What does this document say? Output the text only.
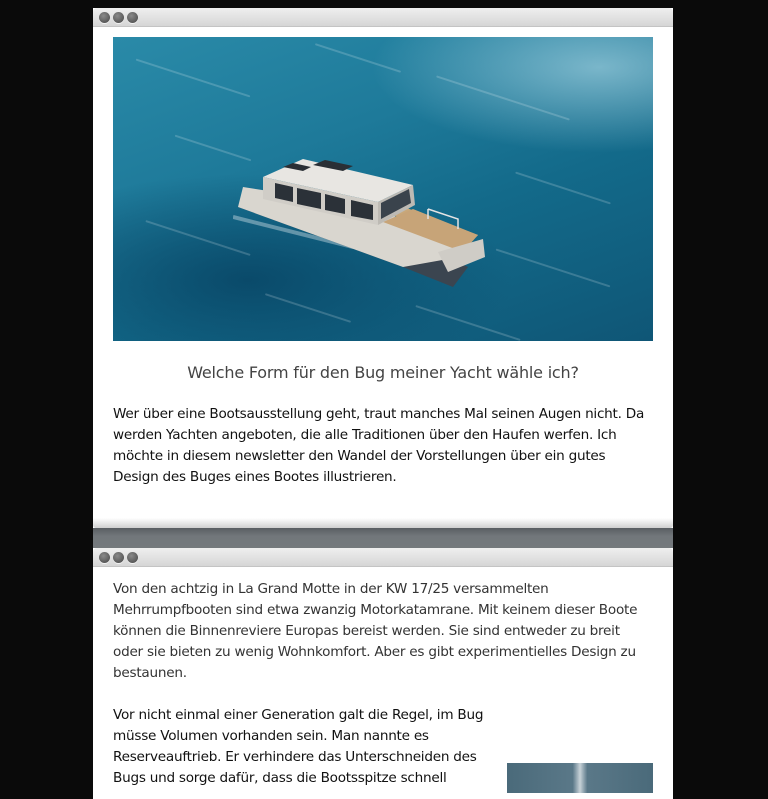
Welche Form für den Bug meiner Yacht wähle ich?

Wer über eine Bootsausstellung geht, traut manches Mal seinen Augen nicht. Da werden Yachten angeboten, die alle Traditionen über den Haufen werfen. Ich möchte in diesem newsletter den Wandel der Vorstellungen über ein gutes Design des Buges eines Bootes illustrieren.

Von den achtzig in La Grand Motte in der KW 17/25 versammelten Mehrrumpfbooten sind etwa zwanzig Motorkatamrane. Mit keinem dieser Boote können die Binnenreviere Europas bereist werden. Sie sind entweder zu breit oder sie bieten zu wenig Wohnkomfort. Aber es gibt experimentielles Design zu bestaunen.

Vor nicht einmal einer Generation galt die Regel, im Bug müsse Volumen vorhanden sein. Man nannte es Reserveauftrieb. Er verhindere das Unterschneiden des Bugs und sorge dafür, dass die Bootsspitze schnell
